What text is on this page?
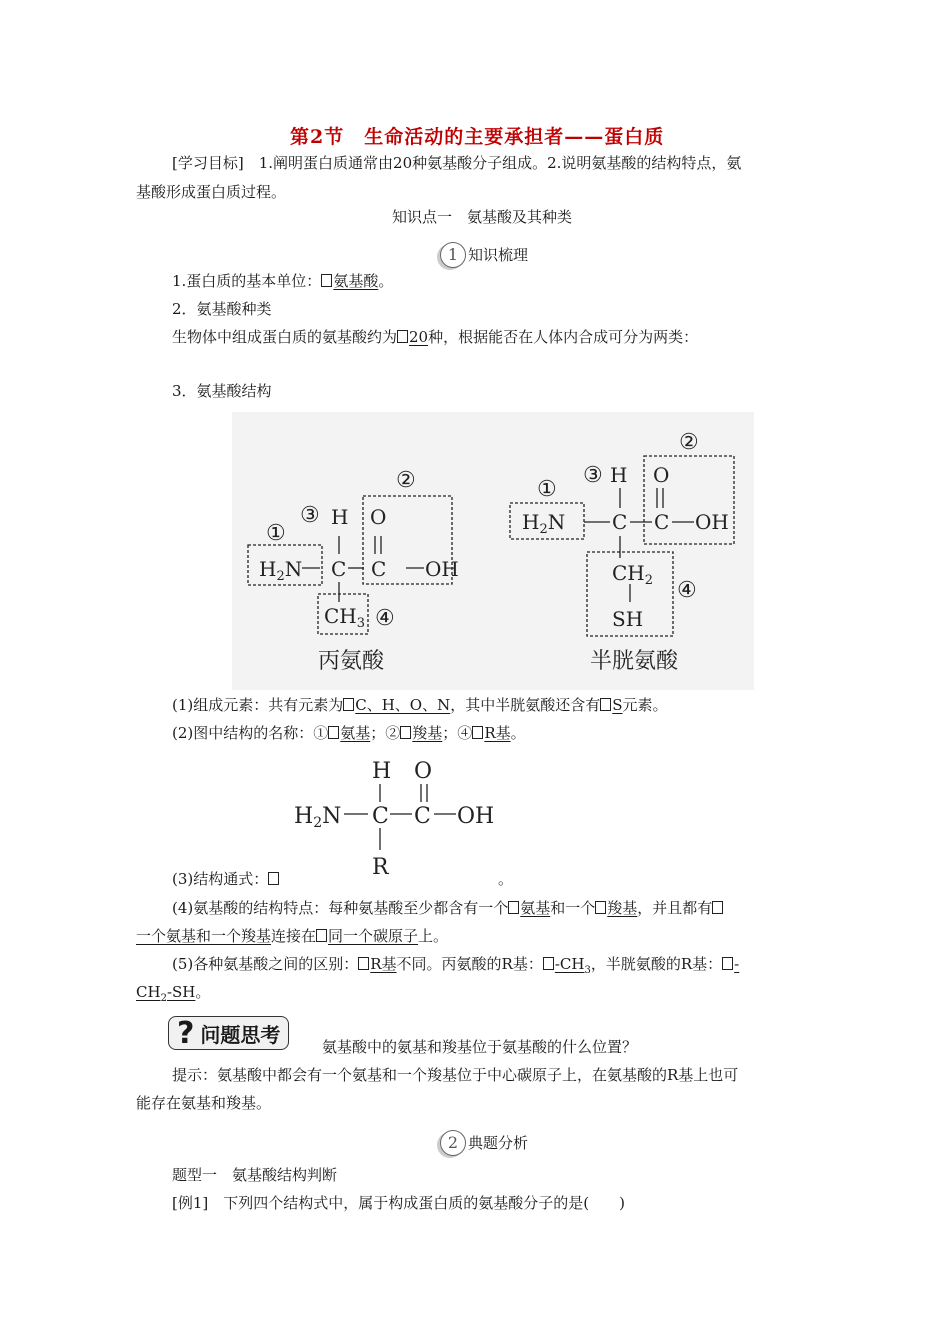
第2节　生命活动的主要承担者——蛋白质
[学习目标]　1.阐明蛋白质通常由20种氨基酸分子组成。2.说明氨基酸的结构特点，氨
基酸形成蛋白质过程。
知识点一　氨基酸及其种类
1 知识梳理
1.蛋白质的基本单位： 氨基酸。
2．氨基酸种类
生物体中组成蛋白质的氨基酸约为 20种，根据能否在人体内合成可分为两类：
3．氨基酸结构
①
②
③
④
H O
$H_2N$ C C OH
$CH_3$
丙氨酸
①
②
③
④
H O
$H_2N$ C C OH
$CH_2$
SH
半胱氨酸
(1)组成元素：共有元素为 C、H、O、N，其中半胱氨酸还含有 S元素。
(2)图中结构的名称：① 氨基；② 羧基；④ R基。
H O
H2N C C OH
R
(3)结构通式：	。
(4)氨基酸的结构特点：每种氨基酸至少都含有一个 氨基和一个 羧基，并且都有
一个氨基和一个羧基连接在 同一个碳原子上。
(5)各种氨基酸之间的区别： R基不同。丙氨酸的R基： $-CH_3$，半胱氨酸的R基： -
$CH_2-SH$。
? 问题思考
氨基酸中的氨基和羧基位于氨基酸的什么位置？
提示：氨基酸中都会有一个氨基和一个羧基位于中心碳原子上，在氨基酸的R基上也可
能存在氨基和羧基。
2 典题分析
题型一　氨基酸结构判断
[例1]　下列四个结构式中，属于构成蛋白质的氨基酸分子的是(　　)
